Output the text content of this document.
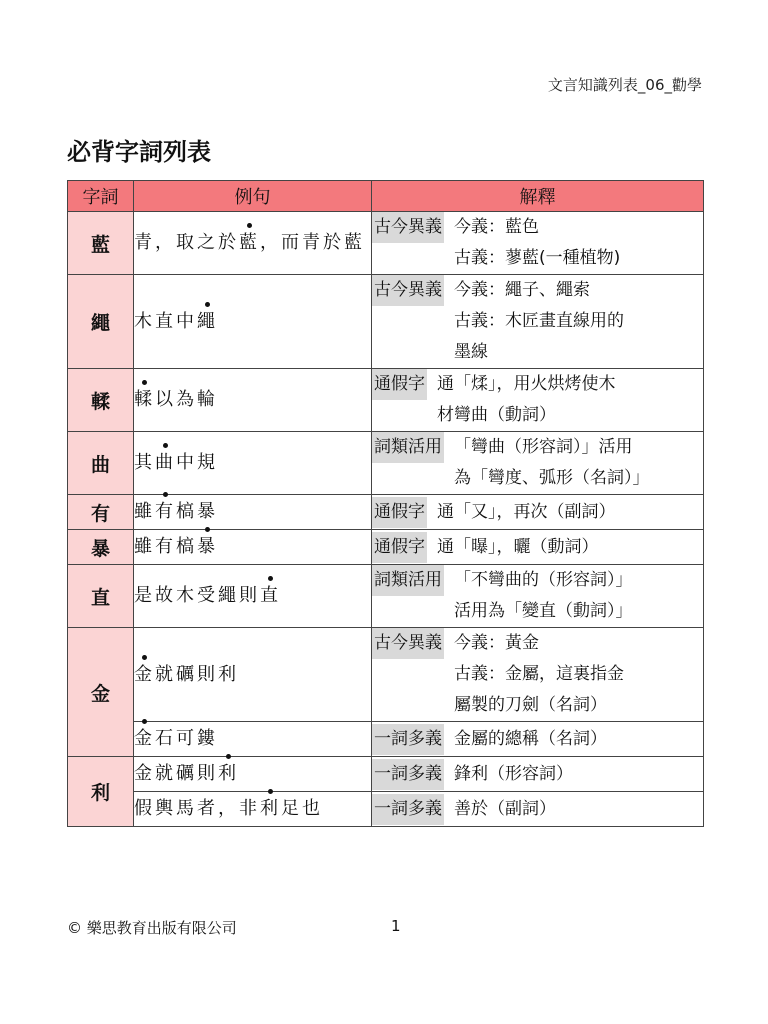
文言知識列表_06_勸學
必背字詞列表
字詞	例句	解釋
藍	青，取之於藍，而青於藍	古今異義 今義：藍色
古義：蓼藍(一種植物)

繩	木直中繩	古今異義 今義：繩子、繩索
古義：木匠畫直線用的
墨線

輮	輮以為輪	通假字 通「煣」，用火烘烤使木
材彎曲（動詞）

曲	其曲中規	詞類活用 「彎曲（形容詞）」活用
為「彎度、弧形（名詞）」

有	雖有槁暴	通假字 通「又」，再次（副詞）

暴	雖有槁暴	通假字 通「曝」，曬（動詞）

直	是故木受繩則直	詞類活用 「不彎曲的（形容詞）」
活用為「變直（動詞）」

金	金就礪則利	古今異義 今義：黃金
古義：金屬，這裏指金
屬製的刀劍（名詞）

	金石可鏤	一詞多義 金屬的總稱（名詞）

利	金就礪則利	一詞多義 鋒利（形容詞）

	假輿馬者，非利足也	一詞多義 善於（副詞）
© 樂思教育出版有限公司	1
